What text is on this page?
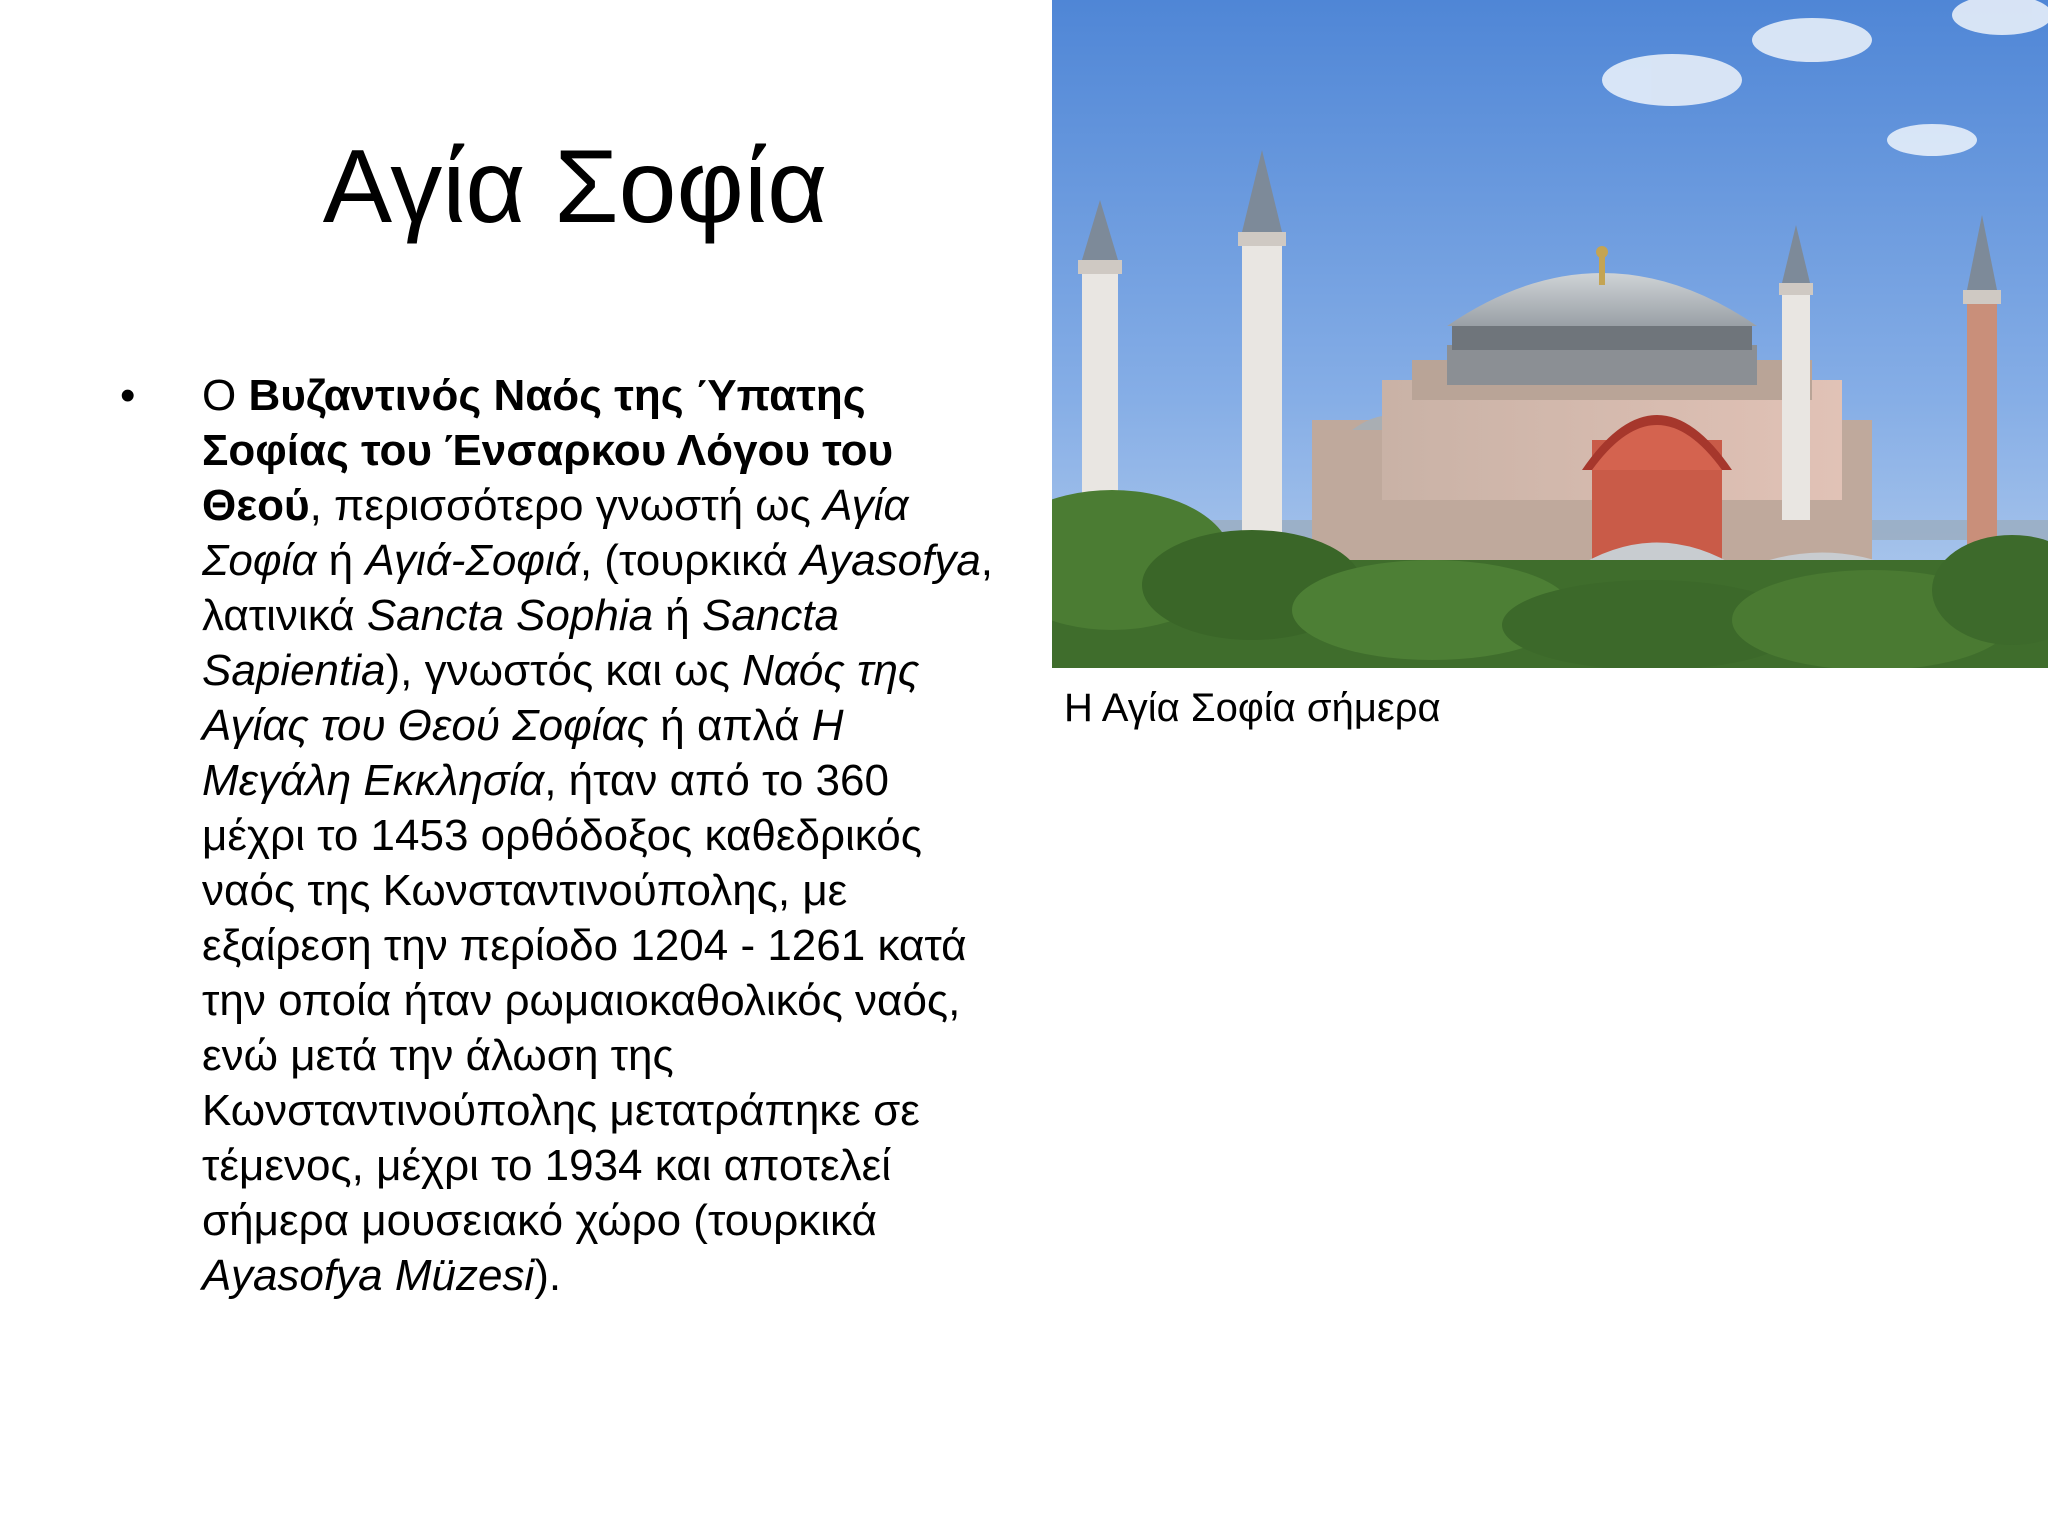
Αγία Σοφία
• Ο Βυζαντινός Ναός της Ύπατης Σοφίας του Ένσαρκου Λόγου του Θεού, περισσότερο γνωστή ως Αγία Σοφία ή Αγιά-Σοφιά, (τουρκικά Ayasofya, λατινικά Sancta Sophia ή Sancta Sapientia), γνωστός και ως Ναός της Αγίας του Θεού Σοφίας ή απλά Η Μεγάλη Εκκλησία, ήταν από το 360 μέχρι το 1453 ορθόδοξος καθεδρικός ναός της Κωνσταντινούπολης, με εξαίρεση την περίοδο 1204 - 1261 κατά την οποία ήταν ρωμαιοκαθολικός ναός, ενώ μετά την άλωση της Κωνσταντινούπολης μετατράπηκε σε τέμενος, μέχρι το 1934 και αποτελεί σήμερα μουσειακό χώρο (τουρκικά Ayasofya Müzesi).
Η Αγία Σοφία σήμερα
